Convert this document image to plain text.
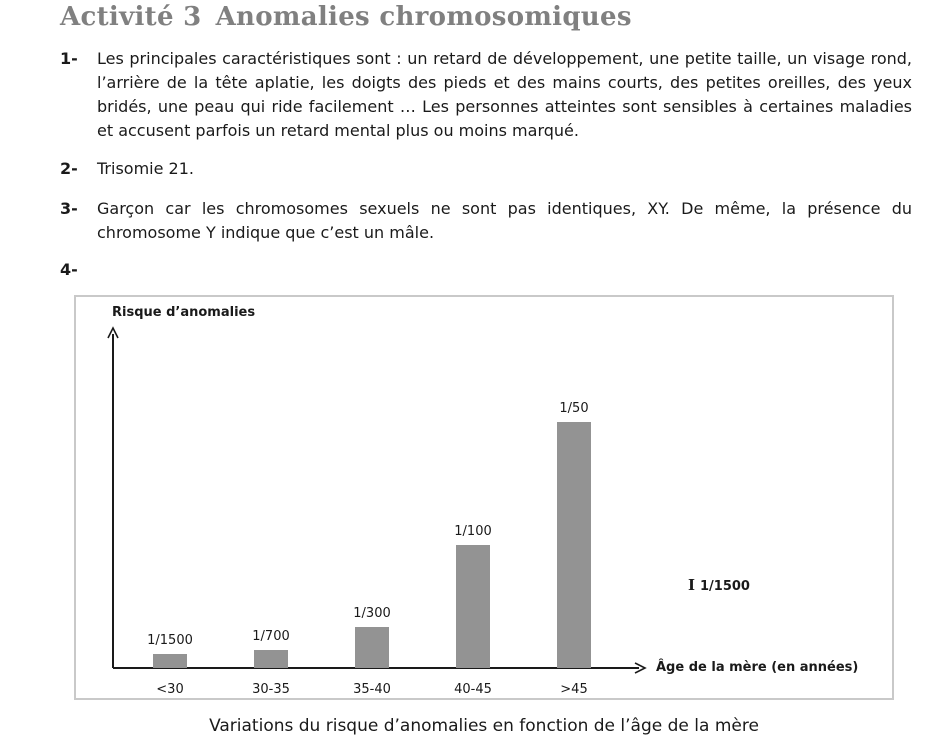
Activité 3 Anomalies chromosomiques
1-	Les principales caractéristiques sont : un retard de développement, une petite taille, un visage rond, l’arrière de la tête aplatie, les doigts des pieds et des mains courts, des petites oreilles, des yeux bridés, une peau qui ride facilement … Les personnes atteintes sont sensibles à certaines maladies et accusent parfois un retard mental plus ou moins marqué.
2-	Trisomie 21.
3-	Garçon car les chromosomes sexuels ne sont pas identiques, XY. De même, la présence du chromosome Y indique que c’est un mâle.
4-
Risque d’anomalies
Âge de la mère (en années)
I 1/1500
1/1500
<30
1/700
30-35
1/300
35-40
1/100
40-45
1/50
>45
Variations du risque d’anomalies en fonction de l’âge de la mère
